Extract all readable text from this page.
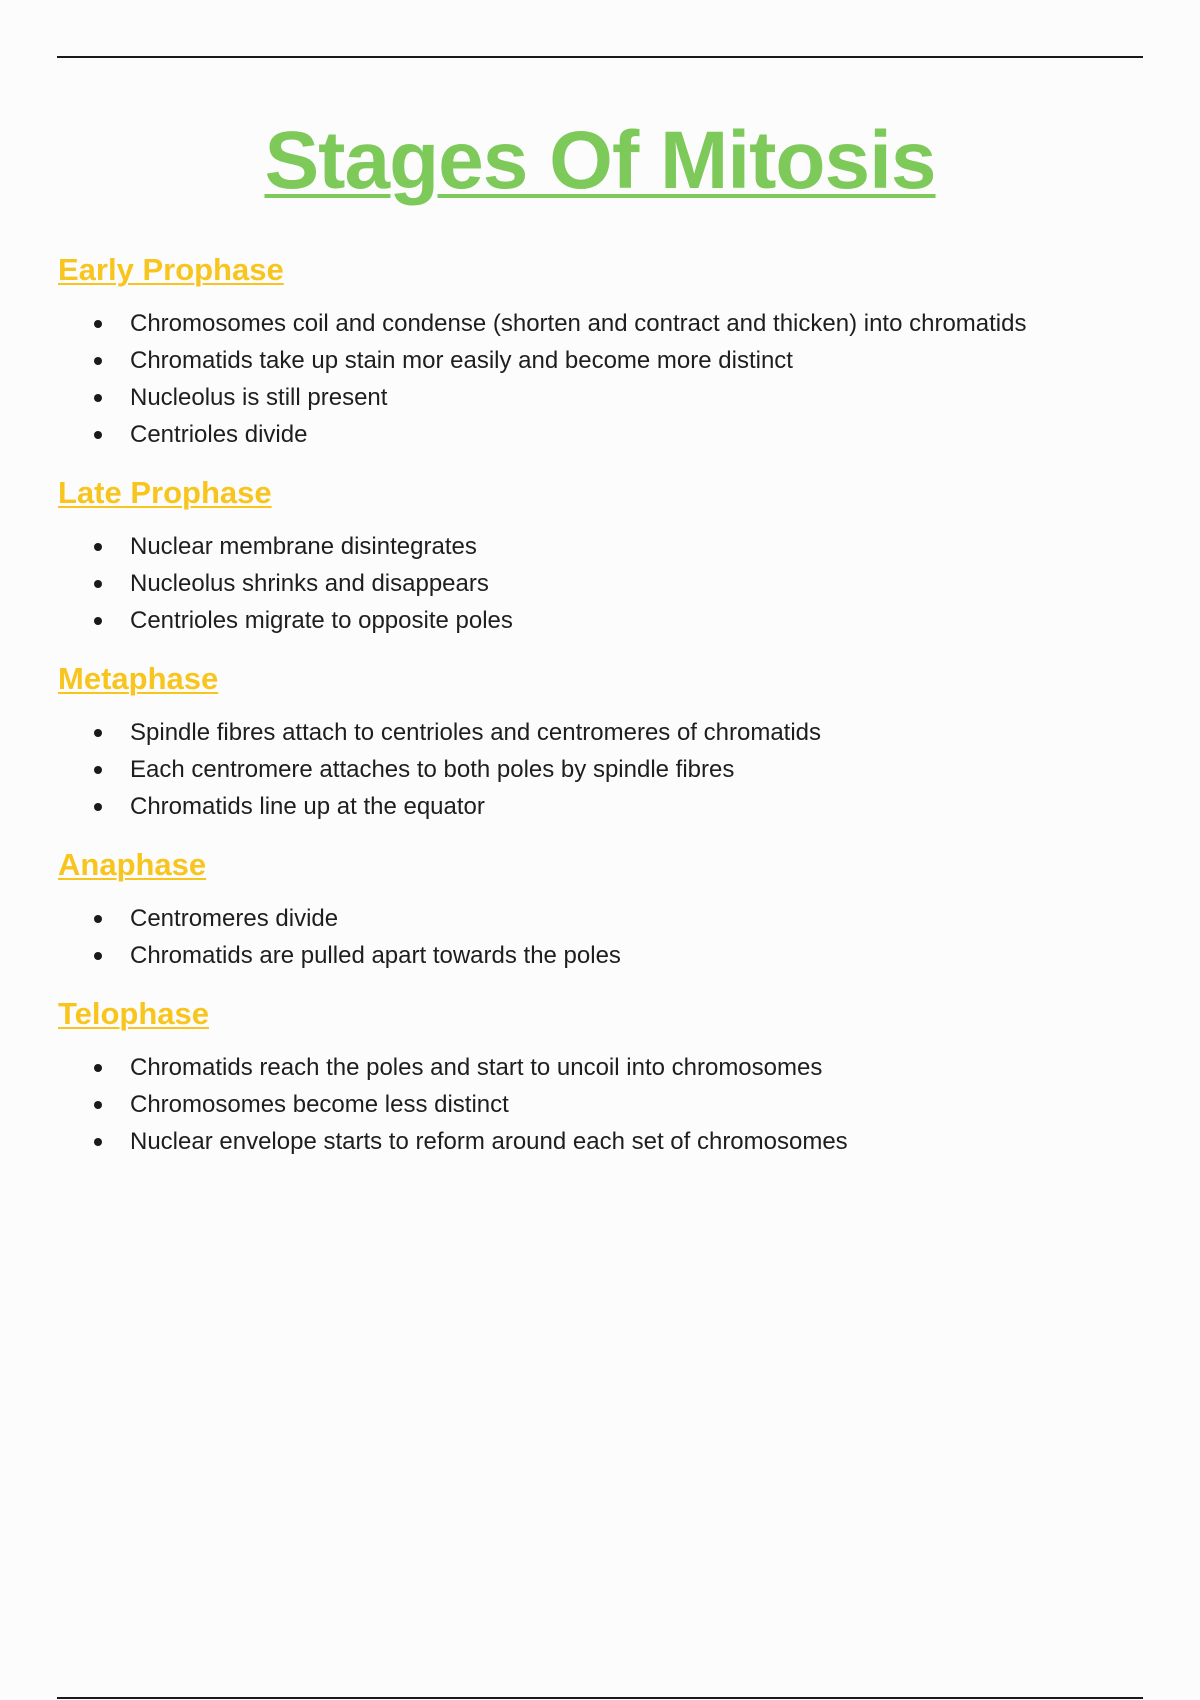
Stages Of Mitosis
Early Prophase
Chromosomes coil and condense (shorten and contract and thicken) into chromatids
Chromatids take up stain mor easily and become more distinct
Nucleolus is still present
Centrioles divide
Late Prophase
Nuclear membrane disintegrates
Nucleolus shrinks and disappears
Centrioles migrate to opposite poles
Metaphase
Spindle fibres attach to centrioles and centromeres of chromatids
Each centromere attaches to both poles by spindle fibres
Chromatids line up at the equator
Anaphase
Centromeres divide
Chromatids are pulled apart towards the poles
Telophase
Chromatids reach the poles and start to uncoil into chromosomes
Chromosomes become less distinct
Nuclear envelope starts to reform around each set of chromosomes
